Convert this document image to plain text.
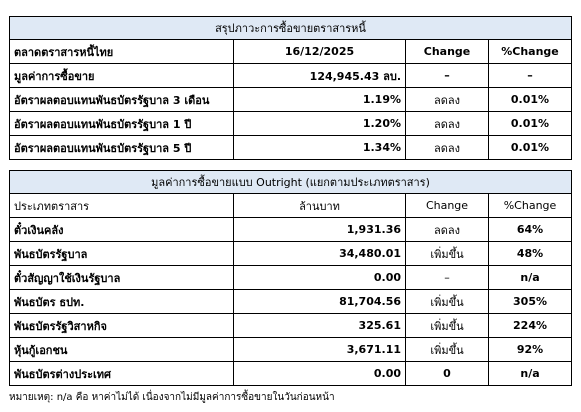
สรุปภาวะการซื้อขายตราสารหนี้			
ตลาดตราสารหนี้ไทย	16/12/2025	Change	%Change
มูลค่าการซื้อขาย	124,945.43 ลบ.	–	–
อัตราผลตอบแทนพันธบัตรรัฐบาล 3 เดือน	1.19%	ลดลง	0.01%
อัตราผลตอบแทนพันธบัตรรัฐบาล 1 ปี	1.20%	ลดลง	0.01%
อัตราผลตอบแทนพันธบัตรรัฐบาล 5 ปี	1.34%	ลดลง	0.01%
มูลค่าการซื้อขายแบบ Outright (แยกตามประเภทตราสาร)			
ประเภทตราสาร	ล้านบาท	Change	%Change
ตั๋วเงินคลัง	1,931.36	ลดลง	64%
พันธบัตรรัฐบาล	34,480.01	เพิ่มขึ้น	48%
ตั๋วสัญญาใช้เงินรัฐบาล	0.00	–	n/a
พันธบัตร ธปท.	81,704.56	เพิ่มขึ้น	305%
พันธบัตรรัฐวิสาหกิจ	325.61	เพิ่มขึ้น	224%
หุ้นกู้เอกชน	3,671.11	เพิ่มขึ้น	92%
พันธบัตรต่างประเทศ	0.00	0	n/a
หมายเหตุ: n/a คือ หาค่าไม่ได้ เนื่องจากไม่มีมูลค่าการซื้อขายในวันก่อนหน้า
